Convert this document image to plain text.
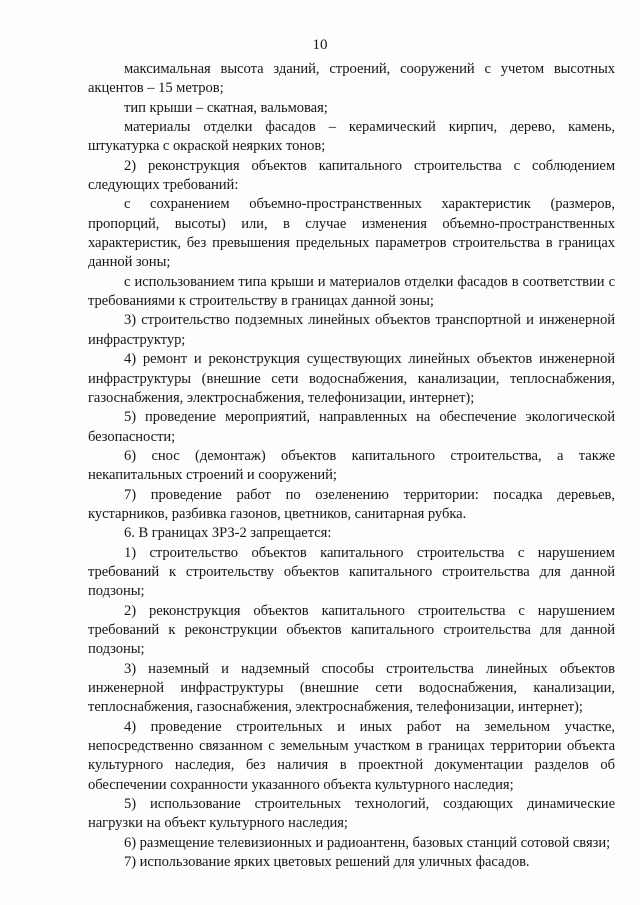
10

максимальная высота зданий, строений, сооружений с учетом высотных акцентов – 15 метров;

тип крыши – скатная, вальмовая;

материалы отделки фасадов – керамический кирпич, дерево, камень, штукатурка с окраской неярких тонов;

2) реконструкция объектов капитального строительства с соблюдением следующих требований:

с сохранением объемно-пространственных характеристик (размеров, пропорций, высоты) или, в случае изменения объемно-пространственных характеристик, без превышения предельных параметров строительства в границах данной зоны;

с использованием типа крыши и материалов отделки фасадов в соответствии с требованиями к строительству в границах данной зоны;

3) строительство подземных линейных объектов транспортной и инженерной инфраструктур;

4) ремонт и реконструкция существующих линейных объектов инженерной инфраструктуры (внешние сети водоснабжения, канализации, теплоснабжения, газоснабжения, электроснабжения, телефонизации, интернет);

5) проведение мероприятий, направленных на обеспечение экологической безопасности;

6) снос (демонтаж) объектов капитального строительства, а также некапитальных строений и сооружений;

7) проведение работ по озеленению территории: посадка деревьев, кустарников, разбивка газонов, цветников, санитарная рубка.

6. В границах ЗРЗ-2 запрещается:

1) строительство объектов капитального строительства с нарушением требований к строительству объектов капитального строительства для данной подзоны;

2) реконструкция объектов капитального строительства с нарушением требований к реконструкции объектов капитального строительства для данной подзоны;

3) наземный и надземный способы строительства линейных объектов инженерной инфраструктуры (внешние сети водоснабжения, канализации, теплоснабжения, газоснабжения, электроснабжения, телефонизации, интернет);

4) проведение строительных и иных работ на земельном участке, непосредственно связанном с земельным участком в границах территории объекта культурного наследия, без наличия в проектной документации разделов об обеспечении сохранности указанного объекта культурного наследия;

5) использование строительных технологий, создающих динамические нагрузки на объект культурного наследия;

6) размещение телевизионных и радиоантенн, базовых станций сотовой связи;

7) использование ярких цветовых решений для уличных фасадов.
